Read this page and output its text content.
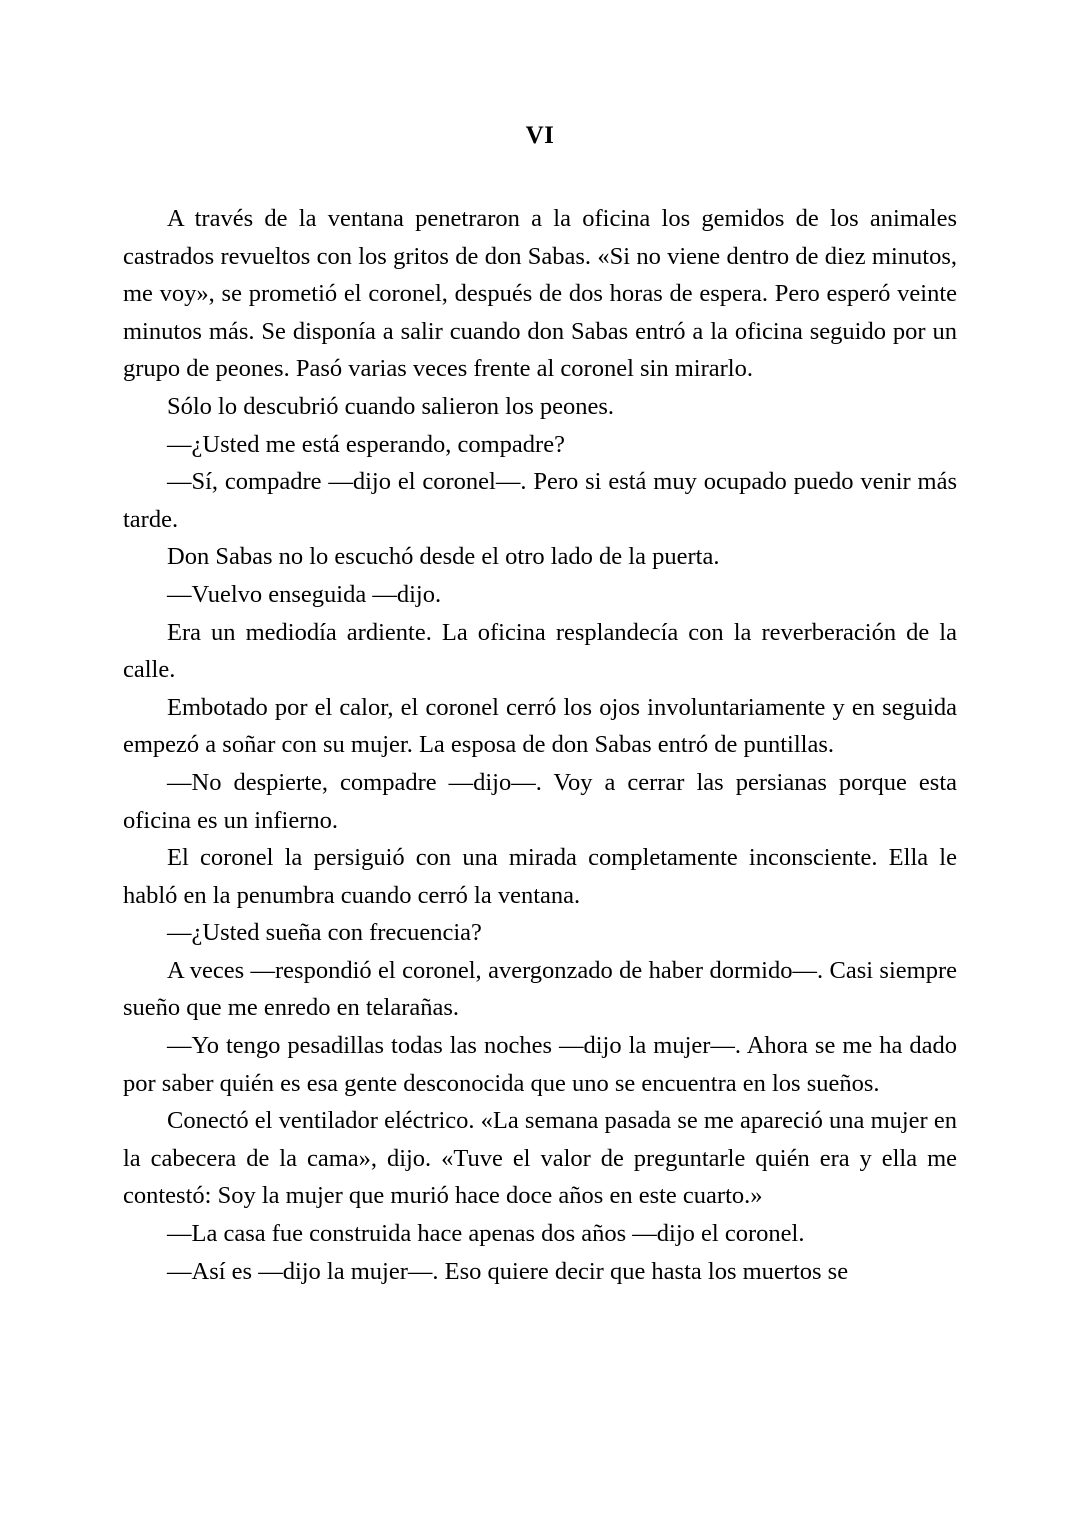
VI

A través de la ventana penetraron a la oficina los gemidos de los animales castrados revueltos con los gritos de don Sabas. «Si no viene dentro de diez minutos, me voy», se prometió el coronel, después de dos horas de espera. Pero esperó veinte minutos más. Se disponía a salir cuando don Sabas entró a la oficina seguido por un grupo de peones. Pasó varias veces frente al coronel sin mirarlo.

Sólo lo descubrió cuando salieron los peones.

—¿Usted me está esperando, compadre?

—Sí, compadre —dijo el coronel—. Pero si está muy ocupado puedo venir más tarde.

Don Sabas no lo escuchó desde el otro lado de la puerta.

—Vuelvo enseguida —dijo.

Era un mediodía ardiente. La oficina resplandecía con la reverberación de la calle.

Embotado por el calor, el coronel cerró los ojos involuntariamente y en seguida empezó a soñar con su mujer. La esposa de don Sabas entró de puntillas.

—No despierte, compadre —dijo—. Voy a cerrar las persianas porque esta oficina es un infierno.

El coronel la persiguió con una mirada completamente inconsciente. Ella le habló en la penumbra cuando cerró la ventana.

—¿Usted sueña con frecuencia?

A veces —respondió el coronel, avergonzado de haber dormido—. Casi siempre sueño que me enredo en telarañas.

—Yo tengo pesadillas todas las noches —dijo la mujer—. Ahora se me ha dado por saber quién es esa gente desconocida que uno se encuentra en los sueños.

Conectó el ventilador eléctrico. «La semana pasada se me apareció una mujer en la cabecera de la cama», dijo. «Tuve el valor de preguntarle quién era y ella me contestó: Soy la mujer que murió hace doce años en este cuarto.»

—La casa fue construida hace apenas dos años —dijo el coronel.

—Así es —dijo la mujer—. Eso quiere decir que hasta los muertos se
